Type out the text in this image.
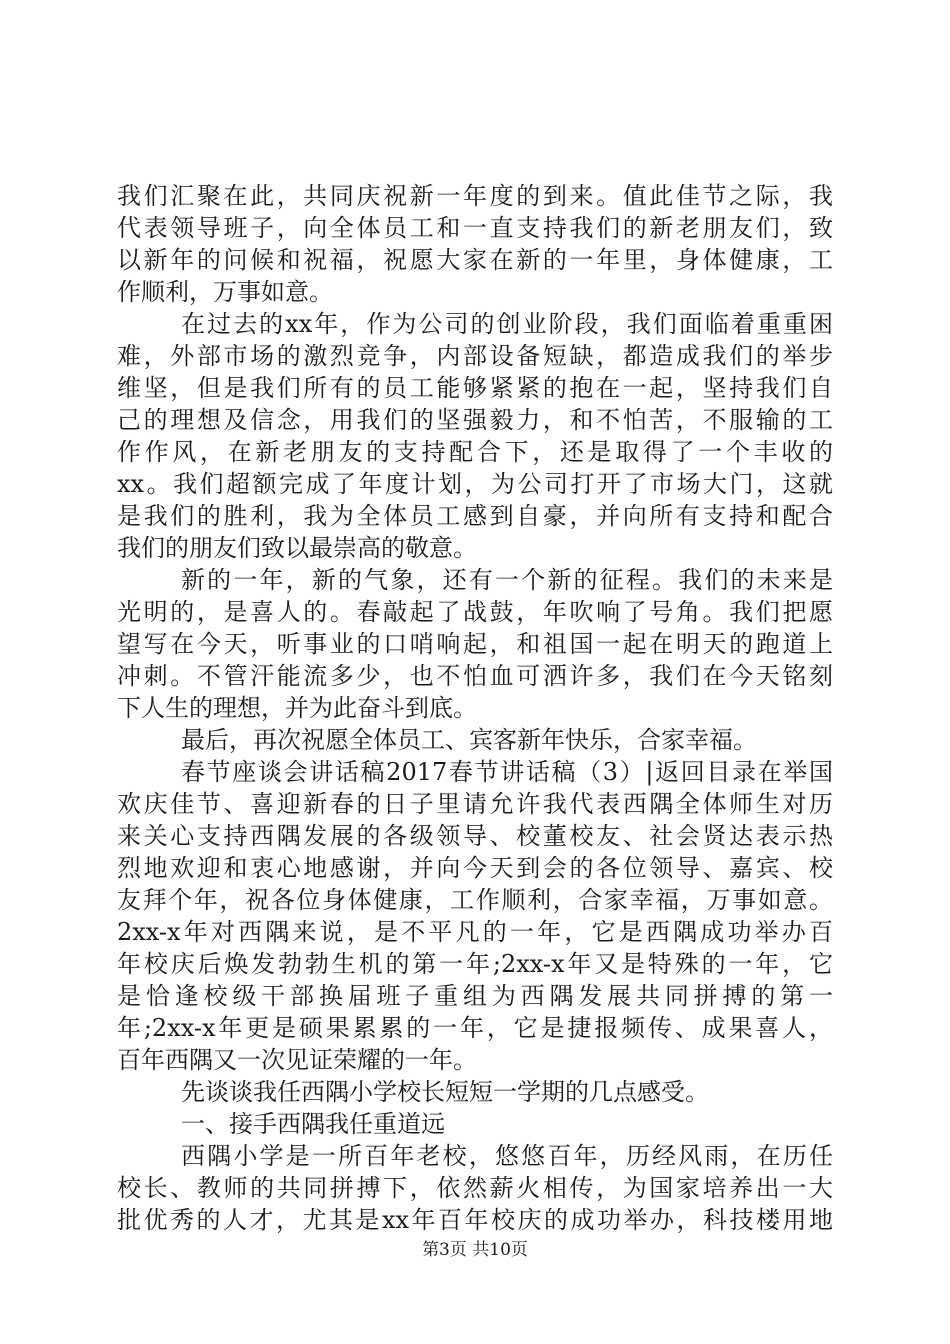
我们汇聚在此，共同庆祝新一年度的到来。值此佳节之际，我
代表领导班子，向全体员工和一直支持我们的新老朋友们，致
以新年的问候和祝福，祝愿大家在新的一年里，身体健康，工
作顺利，万事如意。
在过去的xx年，作为公司的创业阶段，我们面临着重重困
难，外部市场的激烈竞争，内部设备短缺，都造成我们的举步
维坚，但是我们所有的员工能够紧紧的抱在一起，坚持我们自
己的理想及信念，用我们的坚强毅力，和不怕苦，不服输的工
作作风，在新老朋友的支持配合下，还是取得了一个丰收的
xx。我们超额完成了年度计划，为公司打开了市场大门，这就
是我们的胜利，我为全体员工感到自豪，并向所有支持和配合
我们的朋友们致以最崇高的敬意。
新的一年，新的气象，还有一个新的征程。我们的未来是
光明的，是喜人的。春敲起了战鼓，年吹响了号角。我们把愿
望写在今天，听事业的口哨响起，和祖国一起在明天的跑道上
冲刺。不管汗能流多少，也不怕血可洒许多，我们在今天铭刻
下人生的理想，并为此奋斗到底。
最后，再次祝愿全体员工、宾客新年快乐，合家幸福。
春节座谈会讲话稿2017春节讲话稿（3）|返回目录在举国
欢庆佳节、喜迎新春的日子里请允许我代表西隅全体师生对历
来关心支持西隅发展的各级领导、校董校友、社会贤达表示热
烈地欢迎和衷心地感谢，并向今天到会的各位领导、嘉宾、校
友拜个年，祝各位身体健康，工作顺利，合家幸福，万事如意。
2xx-x年对西隅来说，是不平凡的一年，它是西隅成功举办百
年校庆后焕发勃勃生机的第一年;2xx-x年又是特殊的一年，它
是恰逢校级干部换届班子重组为西隅发展共同拼搏的第一
年;2xx-x年更是硕果累累的一年，它是捷报频传、成果喜人，
百年西隅又一次见证荣耀的一年。
先谈谈我任西隅小学校长短短一学期的几点感受。
一、接手西隅我任重道远
西隅小学是一所百年老校，悠悠百年，历经风雨，在历任
校长、教师的共同拼搏下，依然薪火相传，为国家培养出一大
批优秀的人才，尤其是xx年百年校庆的成功举办，科技楼用地
第3页 共10页
